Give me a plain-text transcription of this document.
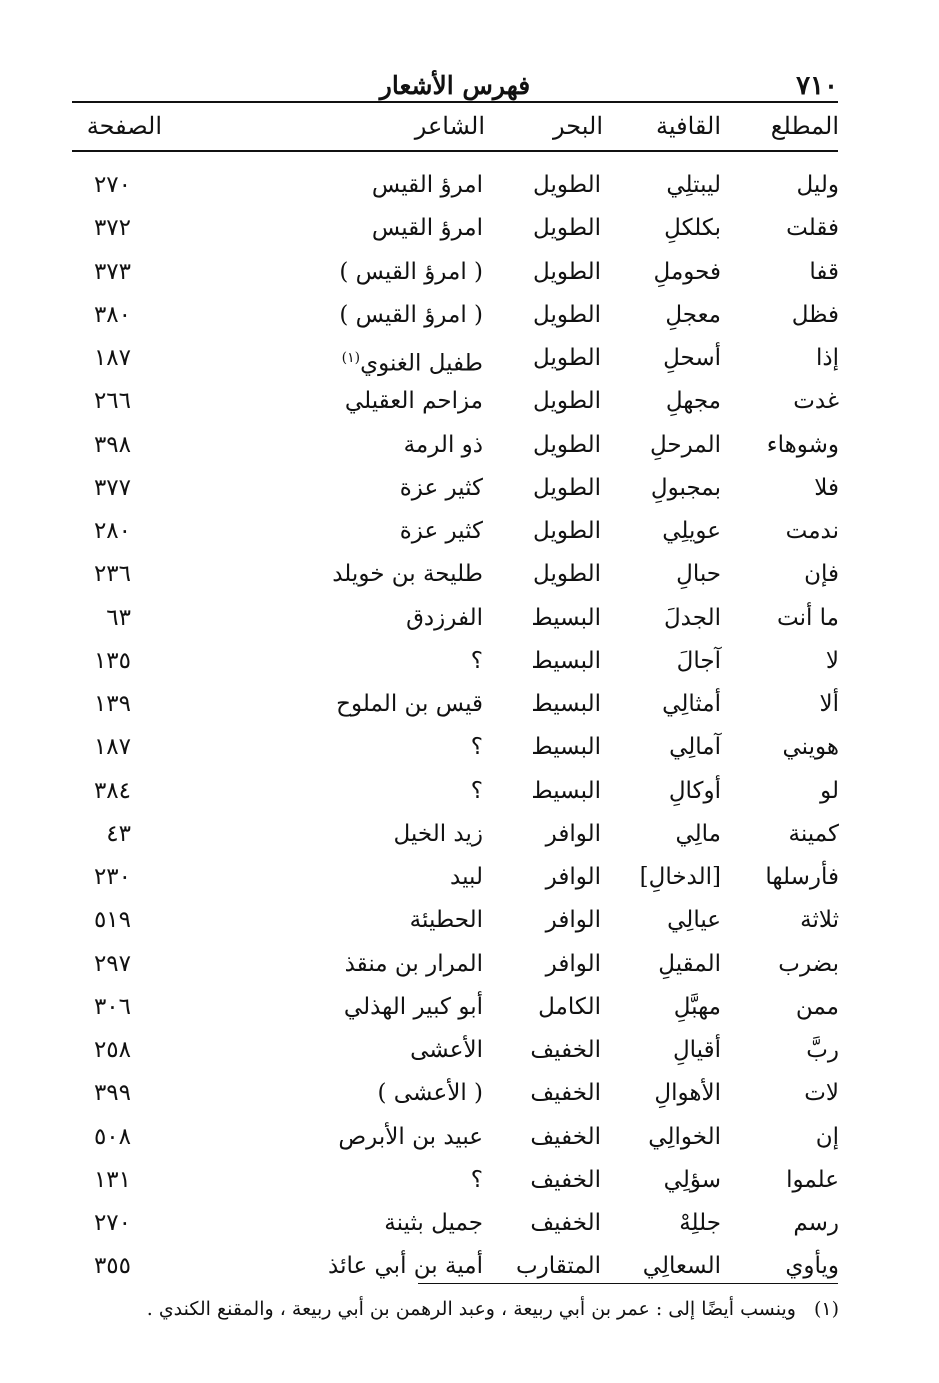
٧١٠
فهرس الأشعار
المطلع
القافية
البحر
الشاعر
الصفحة
وليل
ليبتلِي
الطويل
امرؤ القيس
٢٧٠
فقلت
بكلكلِ
الطويل
امرؤ القيس
٣٧٢
قفا
فحوملِ
الطويل
( امرؤ القيس )
٣٧٣
فظل
معجلِ
الطويل
( امرؤ القيس )
٣٨٠
إذا
أسحلِ
الطويل
طفيل الغنوي$^{(١)}$
١٨٧
غدت
مجهلِ
الطويل
مزاحم العقيلي
٢٦٦
وشوهاء
المرحلِ
الطويل
ذو الرمة
٣٩٨
فلا
بمجبولِ
الطويل
كثير عزة
٣٧٧
ندمت
عويلِي
الطويل
كثير عزة
٢٨٠
فإن
حبالِ
الطويل
طليحة بن خويلد
٢٣٦
ما أنت
الجدلَ
البسيط
الفرزدق
٦٣
لا
آجالَ
البسيط
؟
١٣٥
ألا
أمثالِي
البسيط
قيس بن الملوح
١٣٩
هويني
آمالِي
البسيط
؟
١٨٧
لو
أوكالِ
البسيط
؟
٣٨٤
كمينة
مالِي
الوافر
زيد الخيل
٤٣
فأرسلها
[الدخالِ]
الوافر
لبيد
٢٣٠
ثلاثة
عيالِي
الوافر
الحطيئة
٥١٩
بضرب
المقيلِ
الوافر
المرار بن منقذ
٢٩٧
ممن
مهبَّلِ
الكامل
أبو كبير الهذلي
٣٠٦
ربَّ
أقيالِ
الخفيف
الأعشى
٢٥٨
لات
الأهوالِ
الخفيف
( الأعشى )
٣٩٩
إن
الخوالِي
الخفيف
عبيد بن الأبرص
٥٠٨
علموا
سؤلِي
الخفيف
؟
١٣١
رسم
جللِهْ
الخفيف
جميل بثينة
٢٧٠
ويأوي
السعالِي
المتقارب
أمية بن أبي عائذ
٣٥٥
(١)وينسب أيضًا إلى : عمر بن أبي ربيعة ، وعبد الرهمن بن أبي ربيعة ، والمقنع الكندي .
